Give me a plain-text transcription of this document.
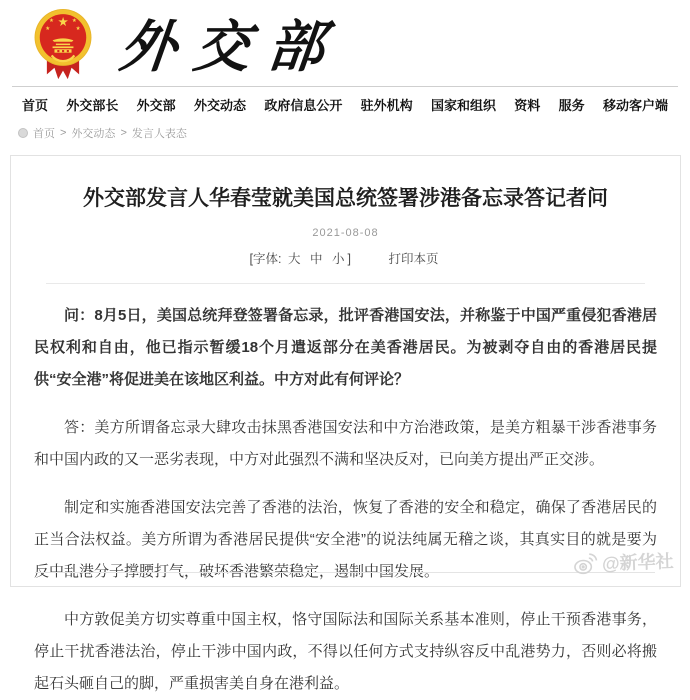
★
★	★
★	★ 外交部
首页 外交部长 外交部 外交动态 政府信息公开 驻外机构 国家和组织 资料 服务 移动客户端
首页 > 外交动态 > 发言人表态
外交部发言人华春莹就美国总统签署涉港备忘录答记者问
2021-08-08
[字体: 大 中 小 ]	打印本页

问：8月5日，美国总统拜登签署备忘录，批评香港国安法，并称鉴于中国严重侵犯香港居民权利和自由，他已指示暂缓18个月遣返部分在美香港居民。为被剥夺自由的香港居民提供“安全港”将促进美在该地区利益。中方对此有何评论？

答：美方所谓备忘录大肆攻击抹黑香港国安法和中方治港政策，是美方粗暴干涉香港事务和中国内政的又一恶劣表现，中方对此强烈不满和坚决反对，已向美方提出严正交涉。

制定和实施香港国安法完善了香港的法治，恢复了香港的安全和稳定，确保了香港居民的正当合法权益。美方所谓为香港居民提供“安全港”的说法纯属无稽之谈，其真实目的就是要为反中乱港分子撑腰打气，破坏香港繁荣稳定，遏制中国发展。

中方敦促美方切实尊重中国主权，恪守国际法和国际关系基本准则，停止干预香港事务，停止干扰香港法治，停止干涉中国内政，不得以任何方式支持纵容反中乱港势力，否则必将搬起石头砸自己的脚，严重损害美自身在港利益。

@新华社
